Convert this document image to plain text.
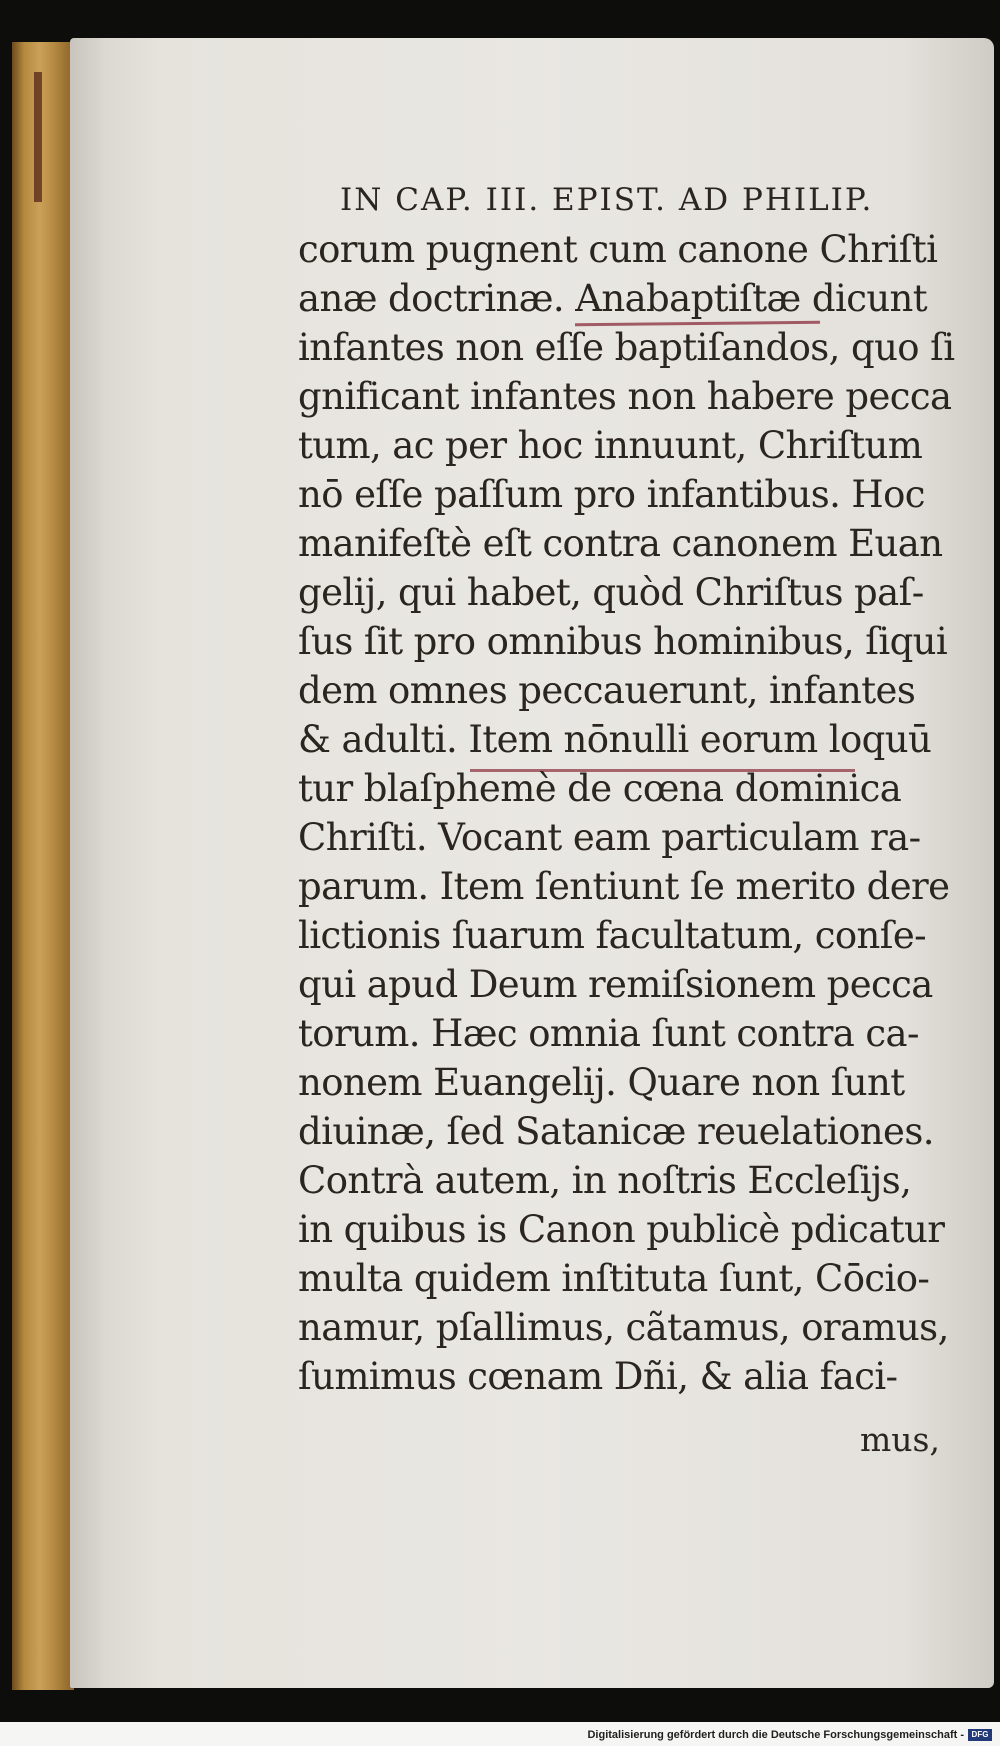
IN CAP. III. EPIST. AD PHILIP.
corum pugnent cum canone Chriſti
anæ doctrinæ. Anabaptiſtæ dicunt
infantes non eſſe baptiſandos, quo ſi
gnificant infantes non habere pecca
tum, ac per hoc innuunt, Chriſtum
nō eſſe paſſum pro infantibus. Hoc
manifeſtè eſt contra canonem Euan
gelij, qui habet, quòd Chriſtus paſ-
ſus ſit pro omnibus hominibus, ſiqui
dem omnes peccauerunt, infantes
& adulti. Item nōnulli eorum loquū
tur blaſphemè de cœna dominica
Chriſti. Vocant eam particulam ra-
parum. Item ſentiunt ſe merito dere
lictionis ſuarum facultatum, conſe-
qui apud Deum remiſsionem pecca
torum. Hæc omnia ſunt contra ca-
nonem Euangelij. Quare non ſunt
diuinæ, ſed Satanicæ reuelationes.
Contrà autem, in noſtris Eccleſijs,
in quibus is Canon publicè pdicatur
multa quidem inſtituta ſunt, Cōcio-
namur, pſallimus, cãtamus, oramus,
ſumimus cœnam Dñi, & alia faci-
mus,
Digitalisierung gefördert durch die Deutsche Forschungsgemeinschaft - DFG
